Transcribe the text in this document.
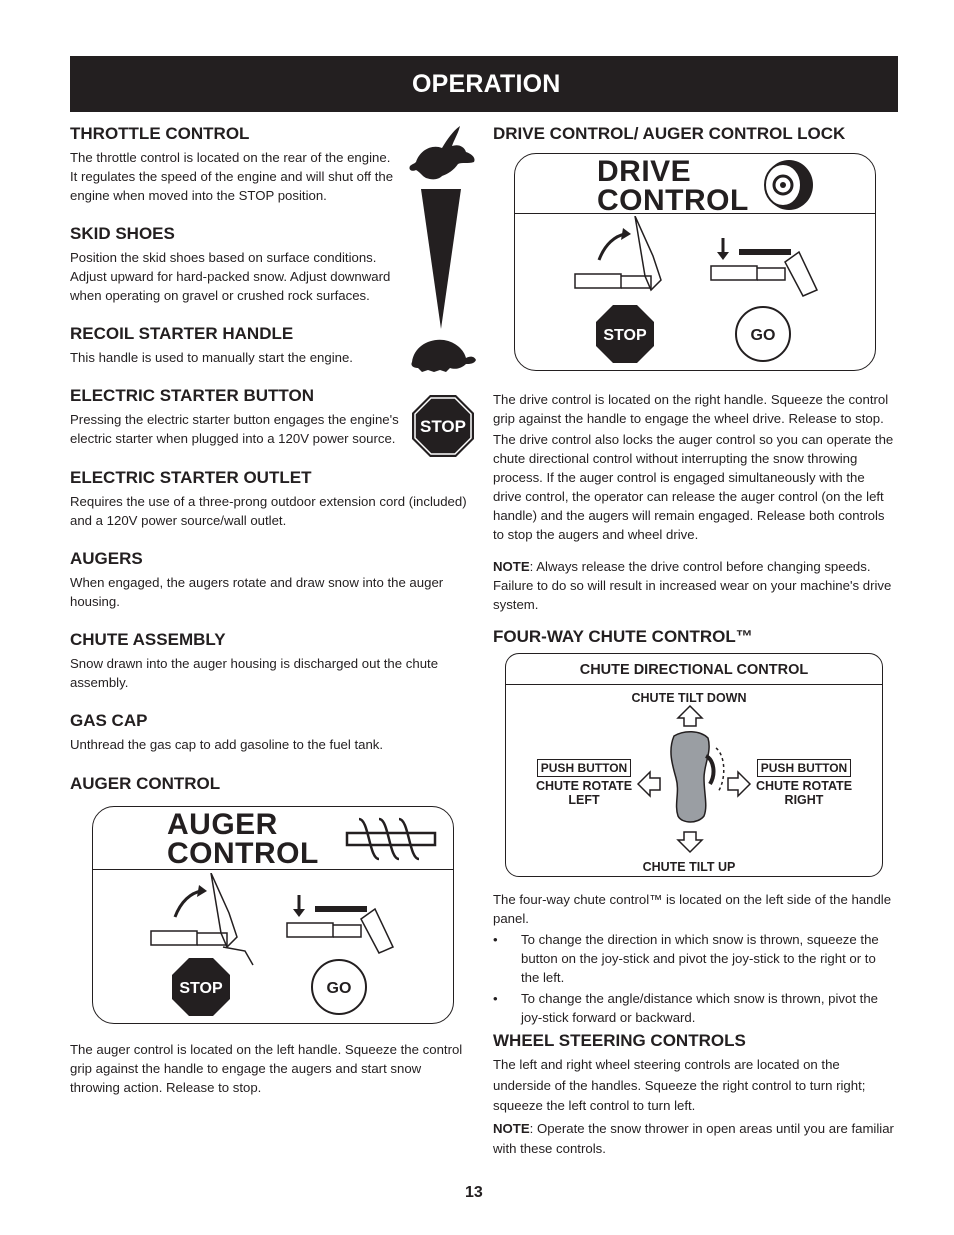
OPERATION

THROTTLE CONTROL

The throttle control is located on the rear of the engine. It regulates the speed of the engine and will shut off the engine when moved into the STOP position.

SKID SHOES

Position the skid shoes based on surface conditions. Adjust upward for hard-packed snow. Adjust downward when operating on gravel or crushed rock surfaces.

RECOIL STARTER HANDLE

This handle is used to manually start the engine.

ELECTRIC STARTER BUTTON

Pressing the electric starter button engages the engine's electric starter when plugged into a 120V power source.

STOP

ELECTRIC STARTER OUTLET

Requires the use of a three-prong outdoor extension cord (included) and a 120V power source/wall outlet.

AUGERS

When engaged, the augers rotate and draw snow into the auger housing.

CHUTE ASSEMBLY

Snow drawn into the auger housing is discharged out the chute assembly.

GAS CAP

Unthread the gas cap to add gasoline to the fuel tank.

AUGER CONTROL

AUGER
CONTROL
STOP	GO

The auger control is located on the left handle. Squeeze the control grip against the handle to engage the augers and start snow throwing action. Release to stop.

DRIVE CONTROL/ AUGER CONTROL LOCK

DRIVE
CONTROL
STOP	GO

The drive control is located on the right handle. Squeeze the control grip against the handle to engage the wheel drive. Release to stop.

The drive control also locks the auger control so you can operate the chute directional control without interrupting the snow throwing process. If the auger control is engaged simultaneously with the drive control, the operator can release the auger control (on the left handle) and the augers will remain engaged. Release both controls to stop the augers and wheel drive.

NOTE: Always release the drive control before changing speeds. Failure to do so will result in increased wear on your machine's drive system.

FOUR-WAY CHUTE CONTROL™

CHUTE DIRECTIONAL CONTROL
CHUTE TILT DOWN
CHUTE TILT UP
PUSH BUTTON
CHUTE ROTATE
LEFT
PUSH BUTTON
CHUTE ROTATE
RIGHT

The four-way chute control™ is located on the left side of the handle panel.

• To change the direction in which snow is thrown, squeeze the button on the joy-stick and pivot the joy-stick to the right or to the left.
• To change the angle/distance which snow is thrown, pivot the joy-stick forward or backward.

WHEEL STEERING CONTROLS

The left and right wheel steering controls are located on the underside of the handles. Squeeze the right control to turn right; squeeze the left control to turn left.

NOTE: Operate the snow thrower in open areas until you are familiar with these controls.

13
